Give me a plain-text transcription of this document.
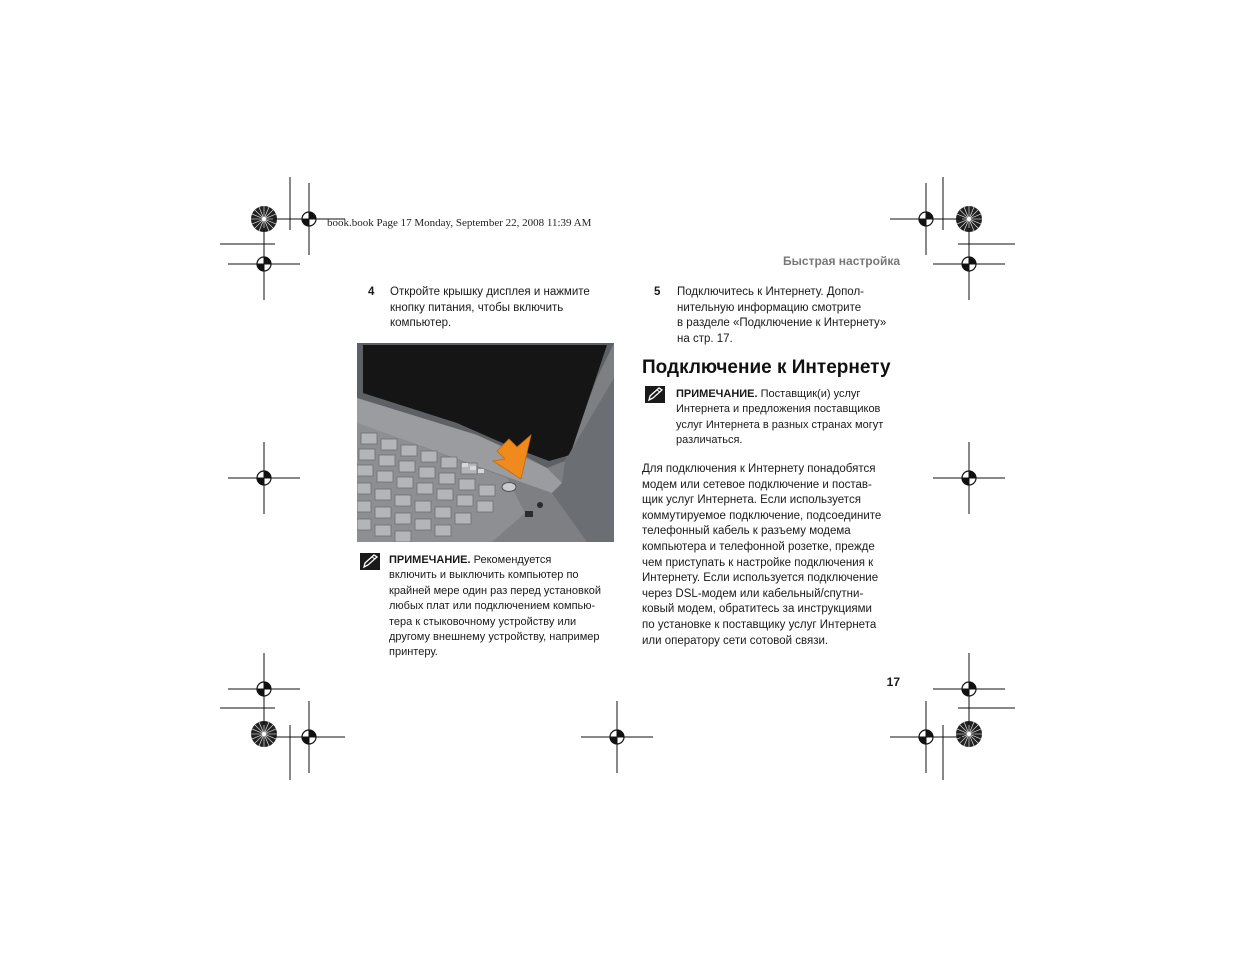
book.book Page 17 Monday, September 22, 2008 11:39 AM
Быстрая настройка
4 Откройте крышку дисплея и нажмите
кнопку питания, чтобы включить
компьютер.
ПРИМЕЧАНИЕ. Рекомендуется
включить и выключить компьютер по
крайней мере один раз перед установкой
любых плат или подключением компью-
тера к стыковочному устройству или
другому внешнему устройству, например
принтеру.
5 Подключитесь к Интернету. Допол-
нительную информацию смотрите
в разделе «Подключение к Интернету»
на стр. 17.
Подключение к Интернету
ПРИМЕЧАНИЕ. Поставщик(и) услуг
Интернета и предложения поставщиков
услуг Интернета в разных странах могут
различаться.
Для подключения к Интернету понадобятся
модем или сетевое подключение и постав-
щик услуг Интернета. Если используется
коммутируемое подключение, подсоедините
телефонный кабель к разъему модема
компьютера и телефонной розетке, прежде
чем приступать к настройке подключения к
Интернету. Если используется подключение
через DSL-модем или кабельный/спутни-
ковый модем, обратитесь за инструкциями
по установке к поставщику услуг Интернета
или оператору сети сотовой связи.
17
